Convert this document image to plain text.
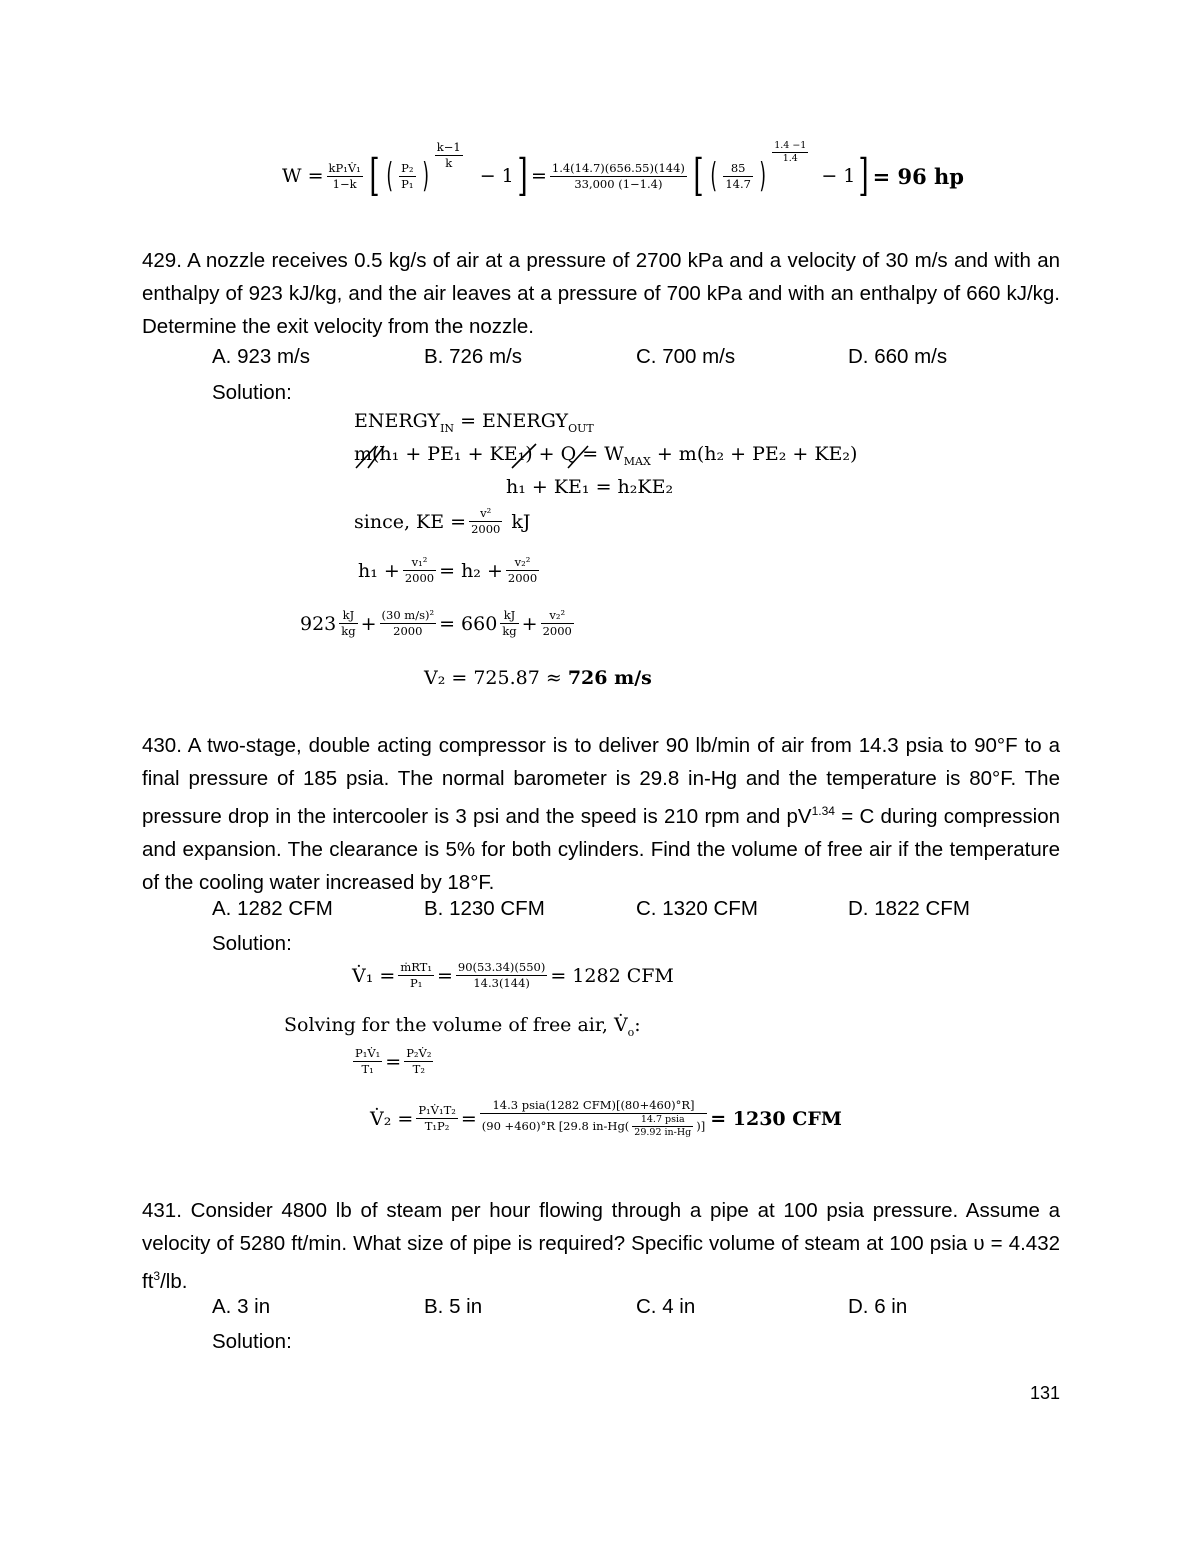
$W = \frac{\text{kP₁V̇₁}}{1-k}$ [ ( $\frac{\text{P₂}}{\text{P₁}}$ )
$\frac{k-1}{k}$
− 1 ] = $\frac{1.4(14.7)(656.55)(144)}{33,000 (1-1.4)}$ [ ( $\frac{85}{14.7}$ )
$\frac{1.4 -1}{1.4}$
− 1 ] = 96 hp
429. A nozzle receives 0.5 kg/s of air at a pressure of 2700 kPa and a velocity of 30 m/s and with an enthalpy of 923 kJ/kg, and the air leaves at a pressure of 700 kPa and with an enthalpy of 660 kJ/kg. Determine the exit velocity from the nozzle.
A. 923 m/s	B. 726 m/s	C. 700 m/s	D. 660 m/s
Solution:
$ENERGY_{IN}$ = $ENERGY_{OUT}$
$m(h_1 + PE_1 + KE_1) + Q = W_{MAX} + m(h_2 + PE_2 + KE_2)$
h₁ + KE₁ = h₂KE₂
since, KE = $\frac{\text{v²}}{2000}$ kJ
$h_1 + \frac{\text{v₁²}}{2000} = h_2 + \frac{\text{v₂²}}{2000}$
$923 \frac{kJ}{kg} + \frac{\text{(30 m/s)²}}{2000} = 660 \frac{kJ}{kg} + \frac{\text{v₂²}}{2000}$
V₂ = 725.87 ≈ 726 m/s
430. A two-stage, double acting compressor is to deliver 90 lb/min of air from 14.3 psia to 90°F to a final pressure of 185 psia. The normal barometer is 29.8 in-Hg and the temperature is 80°F. The pressure drop in the intercooler is 3 psi and the speed is 210 rpm and $pV^{1.34} = C$ during compression and expansion. The clearance is 5% for both cylinders. Find the volume of free air if the temperature of the cooling water increased by 18°F.
A. 1282 CFM	B. 1230 CFM	C. 1320 CFM	D. 1822 CFM
Solution:
V̇₁ = $\frac{\text{ṁRT₁}}{\text{P₁}} = \frac{90(53.34)(550)}{14.3(144)} = 1282$ CFM
Solving for the volume of free air, $V̇_o$:
$\frac{\text{P₁V̇₁}}{\text{T₁}} = \frac{\text{P₂V̇₂}}{\text{T₂}}$
V̇₂ = $\frac{\text{P₁V̇₁T₂}}{\text{T₁P₂}} = \frac{\text{14.3 psia(1282 CFM)[(80+460)°R]}}{(90 +460)^\circ R [29.8 in-Hg( \frac{\text{14.7 psia}}{29.92 in-Hg} )]} = 1230$ CFM
431. Consider 4800 lb of steam per hour flowing through a pipe at 100 psia pressure. Assume a velocity of 5280 ft/min. What size of pipe is required? Specific volume of steam at 100 psia υ = 4.432 $ft^3/lb$.
A. 3 in	B. 5 in	C. 4 in	D. 6 in
Solution:
131
